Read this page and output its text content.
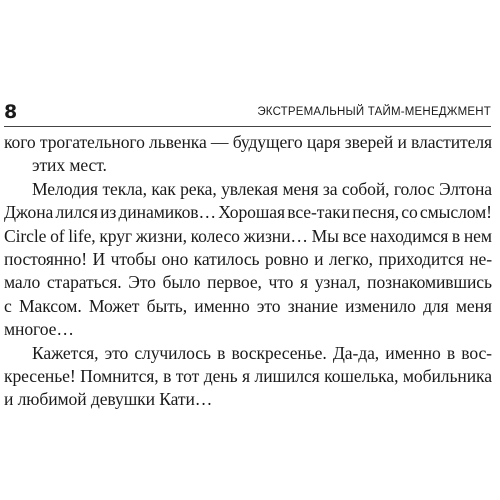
8	ЭКСТРЕМАЛЬНЫЙ ТАЙМ-МЕНЕДЖМЕНТ
кого трогательного львенка — будущего царя зверей и властителя
этих мест.
Мелодия текла, как река, увлекая меня за собой, голос Элтона
Джона лился из динамиков… Хорошая все-таки песня, со смыслом!
Circle of life, круг жизни, колесо жизни… Мы все находимся в нем
постоянно! И чтобы оно катилось ровно и легко, приходится не-
мало стараться. Это было первое, что я узнал, познакомившись
с Максом. Может быть, именно это знание изменило для меня
многое…
Кажется, это случилось в воскресенье. Да-да, именно в вос-
кресенье! Помнится, в тот день я лишился кошелька, мобильника
и любимой девушки Кати…
